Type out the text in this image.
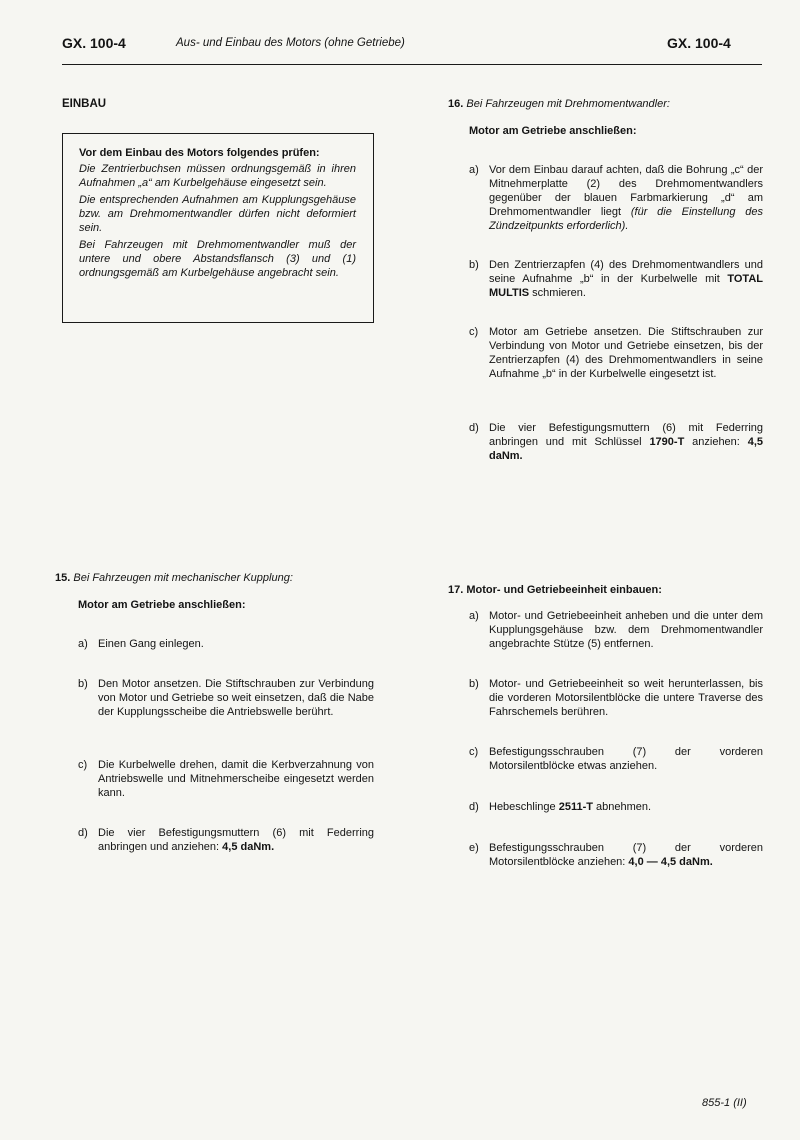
GX. 100-4	Aus- und Einbau des Motors (ohne Getriebe)	GX. 100-4
EINBAU

Vor dem Einbau des Motors folgendes prüfen:

Die Zentrierbuchsen müssen ordnungsgemäß in ihren Aufnahmen „a“ am Kurbelgehäuse eingesetzt sein.

Die entsprechenden Aufnahmen am Kupplungsgehäuse bzw. am Drehmomentwandler dürfen nicht deformiert sein.

Bei Fahrzeugen mit Drehmomentwandler muß der untere und obere Abstandsflansch (3) und (1) ordnungsgemäß am Kurbelgehäuse angebracht sein.

16. Bei Fahrzeugen mit Drehmomentwandler:
Motor am Getriebe anschließen:
a) Vor dem Einbau darauf achten, daß die Bohrung „c“ der Mitnehmerplatte (2) des Drehmomentwandlers gegenüber der blauen Farbmarkierung „d“ am Drehmomentwandler liegt (für die Einstellung des Zündzeitpunkts erforderlich).
b) Den Zentrierzapfen (4) des Drehmomentwandlers und seine Aufnahme „b“ in der Kurbelwelle mit TOTAL MULTIS schmieren.
c) Motor am Getriebe ansetzen. Die Stiftschrauben zur Verbindung von Motor und Getriebe einsetzen, bis der Zentrierzapfen (4) des Drehmomentwandlers in seine Aufnahme „b“ in der Kurbelwelle eingesetzt ist.
d) Die vier Befestigungsmuttern (6) mit Federring anbringen und mit Schlüssel 1790-T anziehen: 4,5 daNm.
15. Bei Fahrzeugen mit mechanischer Kupplung:
Motor am Getriebe anschließen:
a) Einen Gang einlegen.
b) Den Motor ansetzen. Die Stiftschrauben zur Verbindung von Motor und Getriebe so weit einsetzen, daß die Nabe der Kupplungsscheibe die Antriebswelle berührt.
c) Die Kurbelwelle drehen, damit die Kerbverzahnung von Antriebswelle und Mitnehmerscheibe eingesetzt werden kann.
d) Die vier Befestigungsmuttern (6) mit Federring anbringen und anziehen: 4,5 daNm.
17. Motor- und Getriebeeinheit einbauen:
a) Motor- und Getriebeeinheit anheben und die unter dem Kupplungsgehäuse bzw. dem Drehmomentwandler angebrachte Stütze (5) entfernen.
b) Motor- und Getriebeeinheit so weit herunterlassen, bis die vorderen Motorsilentblöcke die untere Traverse des Fahrschemels berühren.
c) Befestigungsschrauben (7) der vorderen Motorsilentblöcke etwas anziehen.
d) Hebeschlinge 2511-T abnehmen.
e) Befestigungsschrauben (7) der vorderen Motorsilentblöcke anziehen: 4,0 — 4,5 daNm.
855-1 (II)
